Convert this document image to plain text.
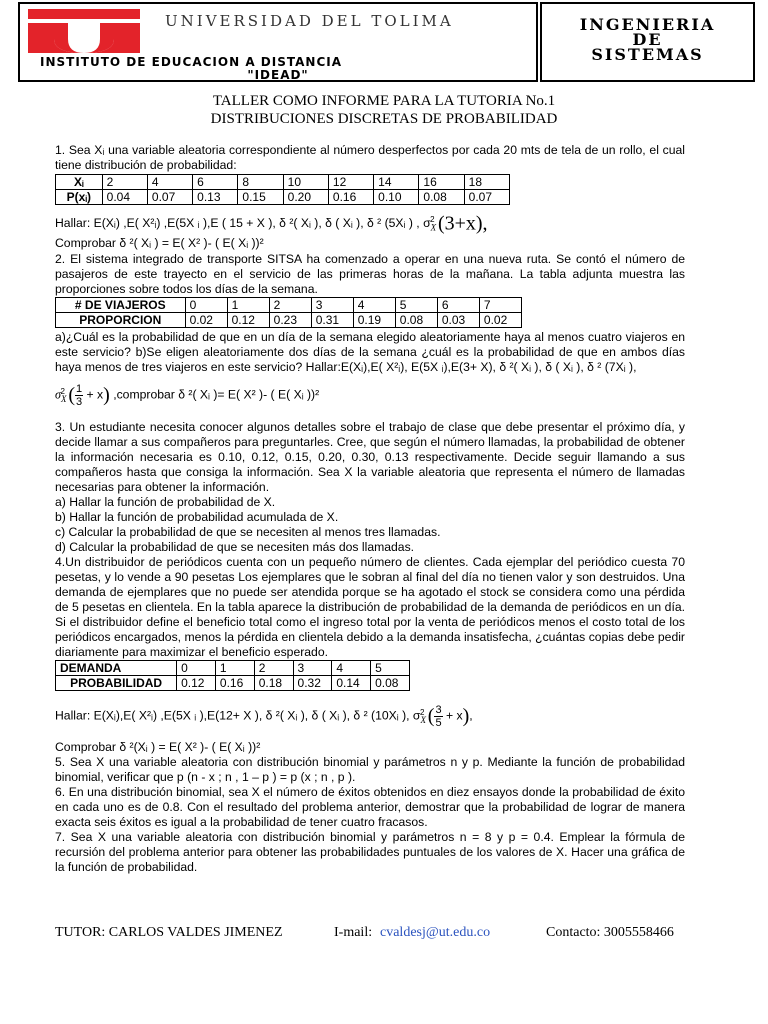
UNIVERSIDAD DEL TOLIMA
INSTITUTO DE EDUCACION A DISTANCIA
"IDEAD"
INGENIERIA
DE
SISTEMAS
TALLER COMO INFORME PARA LA TUTORIA No.1
DISTRIBUCIONES DISCRETAS DE PROBABILIDAD
1. Sea Xᵢ una variable aleatoria correspondiente al número desperfectos por cada 20 mts de tela de un rollo, el cual tiene distribución de probabilidad:
Xᵢ	2	4	6	8	10	12	14	16	18
P(xᵢ)	0.04	0.07	0.13	0.15	0.20	0.16	0.10	0.08	0.07
Hallar: E(Xᵢ) ,E( X²ᵢ) ,E(5X ᵢ ),E ( 15 + X ), δ ²( Xᵢ ), δ ( Xᵢ ), δ ² (5Xᵢ ) , $\sigma_X^2$ (3+x),
Comprobar δ ²( Xᵢ ) = E( X² )- ( E( Xᵢ ))²
2. El sistema integrado de transporte SITSA ha comenzado a operar en una nueva ruta. Se contó el número de pasajeros de este trayecto en el servicio de las primeras horas de la mañana. La tabla adjunta muestra las proporciones sobre todos los días de la semana.
# DE VIAJEROS	0	1	2	3	4	5	6	7
PROPORCION	0.02	0.12	0.23	0.31	0.19	0.08	0.03	0.02
a)¿Cuál es la probabilidad de que en un día de la semana elegido aleatoriamente haya al menos cuatro viajeros en este servicio? b)Se eligen aleatoriamente dos días de la semana ¿cuál es la probabilidad de que en ambos días haya menos de tres viajeros en este servicio? Hallar:E(Xᵢ),E( X²ᵢ), E(5X ᵢ),E(3+ X), δ ²( Xᵢ ), δ ( Xᵢ ), δ ² (7Xᵢ ),
$\sigma_X^2$ ( $\frac{1}{3} + x$) ,comprobar δ ²( Xᵢ )= E( X² )- ( E( Xᵢ ))²
3. Un estudiante necesita conocer algunos detalles sobre el trabajo de clase que debe presentar el próximo día, y decide llamar a sus compañeros para preguntarles. Cree, que según el número llamadas, la probabilidad de obtener la información necesaria es 0.10, 0.12, 0.15, 0.20, 0.30, 0.13 respectivamente. Decide seguir llamando a sus compañeros hasta que consiga la información. Sea X la variable aleatoria que representa el número de llamadas necesarias para obtener la información.
a) Hallar la función de probabilidad de X.
b) Hallar la función de probabilidad acumulada de X.
c) Calcular la probabilidad de que se necesiten al menos tres llamadas.
d) Calcular la probabilidad de que se necesiten más dos llamadas.
4.Un distribuidor de periódicos cuenta con un pequeño número de clientes. Cada ejemplar del periódico cuesta 70 pesetas, y lo vende a 90 pesetas Los ejemplares que le sobran al final del día no tienen valor y son destruidos. Una demanda de ejemplares que no puede ser atendida porque se ha agotado el stock se considera como una pérdida de 5 pesetas en clientela. En la tabla aparece la distribución de probabilidad de la demanda de periódicos en un día. Si el distribuidor define el beneficio total como el ingreso total por la venta de periódicos menos el costo total de los periódicos encargados, menos la pérdida en clientela debido a la demanda insatisfecha, ¿cuántas copias debe pedir diariamente para maximizar el beneficio esperado.
DEMANDA	0	1	2	3	4	5
PROBABILIDAD	0.12	0.16	0.18	0.32	0.14	0.08
Hallar: E(Xᵢ),E( X²ᵢ) ,E(5X ᵢ ),E(12+ X ), δ ²( Xᵢ ), δ ( Xᵢ ), δ ² (10Xᵢ ), $\sigma_X^2$ ( $\frac{3}{5} + x$),
Comprobar δ ²(Xᵢ ) = E( X² )- ( E( Xᵢ ))²
5. Sea X una variable aleatoria con distribución binomial y parámetros n y p. Mediante la función de probabilidad binomial, verificar que p (n - x ; n , 1 – p ) = p (x ; n , p ).
6. En una distribución binomial, sea X el número de éxitos obtenidos en diez ensayos donde la probabilidad de éxito en cada uno es de 0.8. Con el resultado del problema anterior, demostrar que la probabilidad de lograr de manera exacta seis éxitos es igual a la probabilidad de tener cuatro fracasos.
7. Sea X una variable aleatoria con distribución binomial y parámetros n = 8 y p = 0.4. Emplear la fórmula de recursión del problema anterior para obtener las probabilidades puntuales de los valores de X. Hacer una gráfica de la función de probabilidad.
TUTOR: CARLOS VALDES JIMENEZ	I-mail: cvaldesj@ut.edu.co	Contacto: 3005558466
